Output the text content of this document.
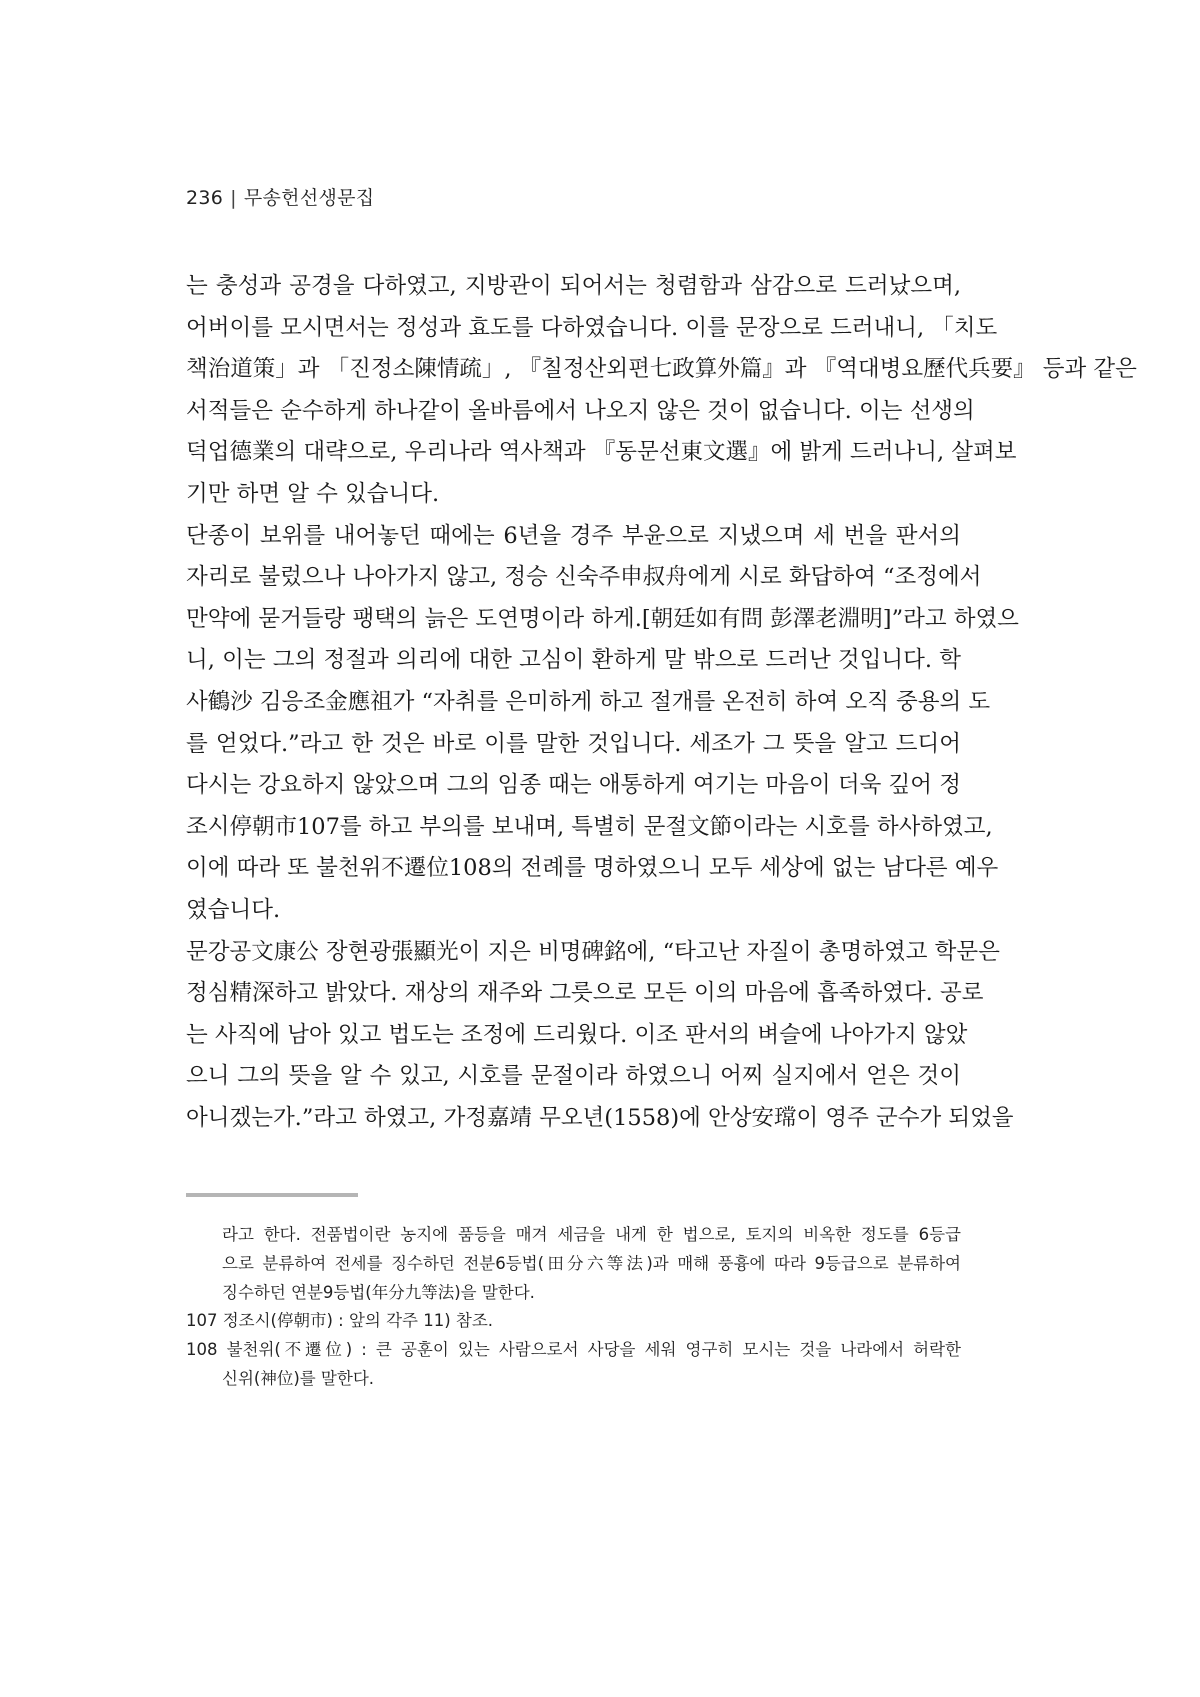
236 | 무송헌선생문집
는 충성과 공경을 다하였고, 지방관이 되어서는 청렴함과 삼감으로 드러났으며,
어버이를 모시면서는 정성과 효도를 다하였습니다. 이를 문장으로 드러내니, 「치도
책治道策」과 「진정소陳情疏」, 『칠정산외편七政算外篇』과 『역대병요歷代兵要』 등과 같은
서적들은 순수하게 하나같이 올바름에서 나오지 않은 것이 없습니다. 이는 선생의
덕업德業의 대략으로, 우리나라 역사책과 『동문선東文選』에 밝게 드러나니, 살펴보
기만 하면 알 수 있습니다.
단종이 보위를 내어놓던 때에는 6년을 경주 부윤으로 지냈으며 세 번을 판서의
자리로 불렀으나 나아가지 않고, 정승 신숙주申叔舟에게 시로 화답하여 “조정에서
만약에 묻거들랑 팽택의 늙은 도연명이라 하게.[朝廷如有問 彭澤老淵明]”라고 하였으
니, 이는 그의 정절과 의리에 대한 고심이 환하게 말 밖으로 드러난 것입니다. 학
사鶴沙 김응조金應祖가 “자취를 은미하게 하고 절개를 온전히 하여 오직 중용의 도
를 얻었다.”라고 한 것은 바로 이를 말한 것입니다. 세조가 그 뜻을 알고 드디어
다시는 강요하지 않았으며 그의 임종 때는 애통하게 여기는 마음이 더욱 깊어 정
조시停朝市107를 하고 부의를 보내며, 특별히 문절文節이라는 시호를 하사하였고,
이에 따라 또 불천위不遷位108의 전례를 명하였으니 모두 세상에 없는 남다른 예우
였습니다.
문강공文康公 장현광張顯光이 지은 비명碑銘에, “타고난 자질이 총명하였고 학문은
정심精深하고 밝았다. 재상의 재주와 그릇으로 모든 이의 마음에 흡족하였다. 공로
는 사직에 남아 있고 법도는 조정에 드리웠다. 이조 판서의 벼슬에 나아가지 않았
으니 그의 뜻을 알 수 있고, 시호를 문절이라 하였으니 어찌 실지에서 얻은 것이
아니겠는가.”라고 하였고, 가정嘉靖 무오년(1558)에 안상安瑺이 영주 군수가 되었을
라고 한다. 전품법이란 농지에 품등을 매겨 세금을 내게 한 법으로, 토지의 비옥한 정도를 6등급
으로 분류하여 전세를 징수하던 전분6등법(田分六等法)과 매해 풍흉에 따라 9등급으로 분류하여
징수하던 연분9등법(年分九等法)을 말한다.
107 정조시(停朝市) : 앞의 각주 11) 참조.
108 불천위(不遷位) : 큰 공훈이 있는 사람으로서 사당을 세워 영구히 모시는 것을 나라에서 허락한
신위(神位)를 말한다.
